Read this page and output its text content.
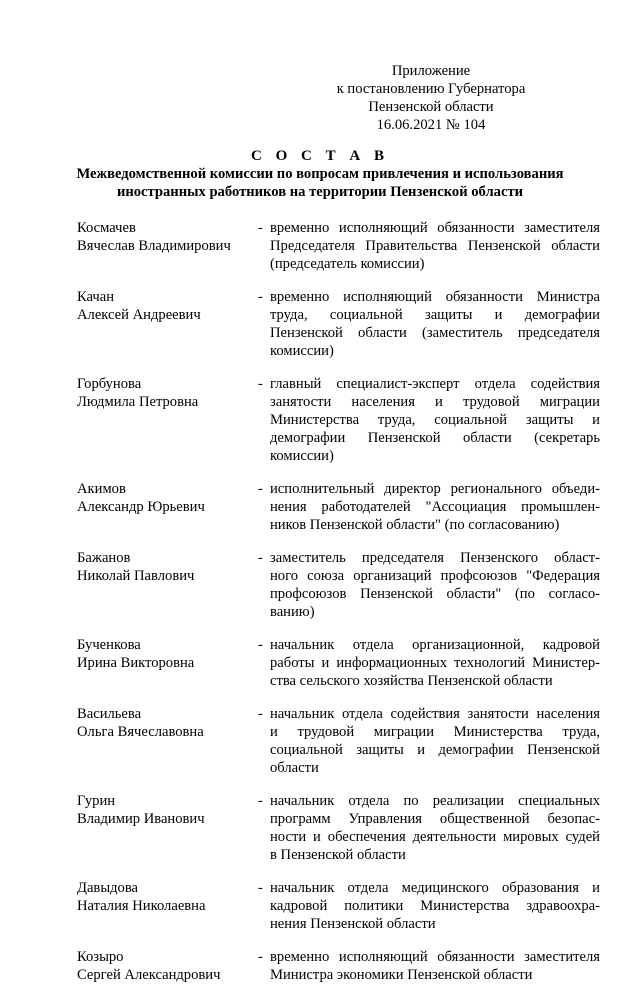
Приложение
к постановлению Губернатора
Пензенской области
16.06.2021 № 104
С О С Т А В
Межведомственной комиссии по вопросам привлечения и использования
иностранных работников на территории Пензенской области
Космачев
Вячеслав Владимирович
- временно исполняющий обязанности заместителя
Председателя Правительства Пензенской области
(председатель комиссии)
Качан
Алексей Андреевич
- временно исполняющий обязанности Министра
труда, социальной защиты и демографии
Пензенской области (заместитель председателя
комиссии)
Горбунова
Людмила Петровна
- главный специалист-эксперт отдела содействия
занятости населения и трудовой миграции
Министерства труда, социальной защиты и
демографии Пензенской области (секретарь
комиссии)
Акимов
Александр Юрьевич
- исполнительный директор регионального объеди-
нения работодателей "Ассоциация промышлен-
ников Пензенской области" (по согласованию)
Бажанов
Николай Павлович
- заместитель председателя Пензенского област-
ного союза организаций профсоюзов "Федерация
профсоюзов Пензенской области" (по согласо-
ванию)
Бученкова
Ирина Викторовна
- начальник отдела организационной, кадровой
работы и информационных технологий Министер-
ства сельского хозяйства Пензенской области
Васильева
Ольга Вячеславовна
- начальник отдела содействия занятости населения
и трудовой миграции Министерства труда,
социальной защиты и демографии Пензенской
области
Гурин
Владимир Иванович
- начальник отдела по реализации специальных
программ Управления общественной безопас-
ности и обеспечения деятельности мировых судей
в Пензенской области
Давыдова
Наталия Николаевна
- начальник отдела медицинского образования и
кадровой политики Министерства здравоохра-
нения Пензенской области
Козыро
Сергей Александрович
- временно исполняющий обязанности заместителя
Министра экономики Пензенской области
